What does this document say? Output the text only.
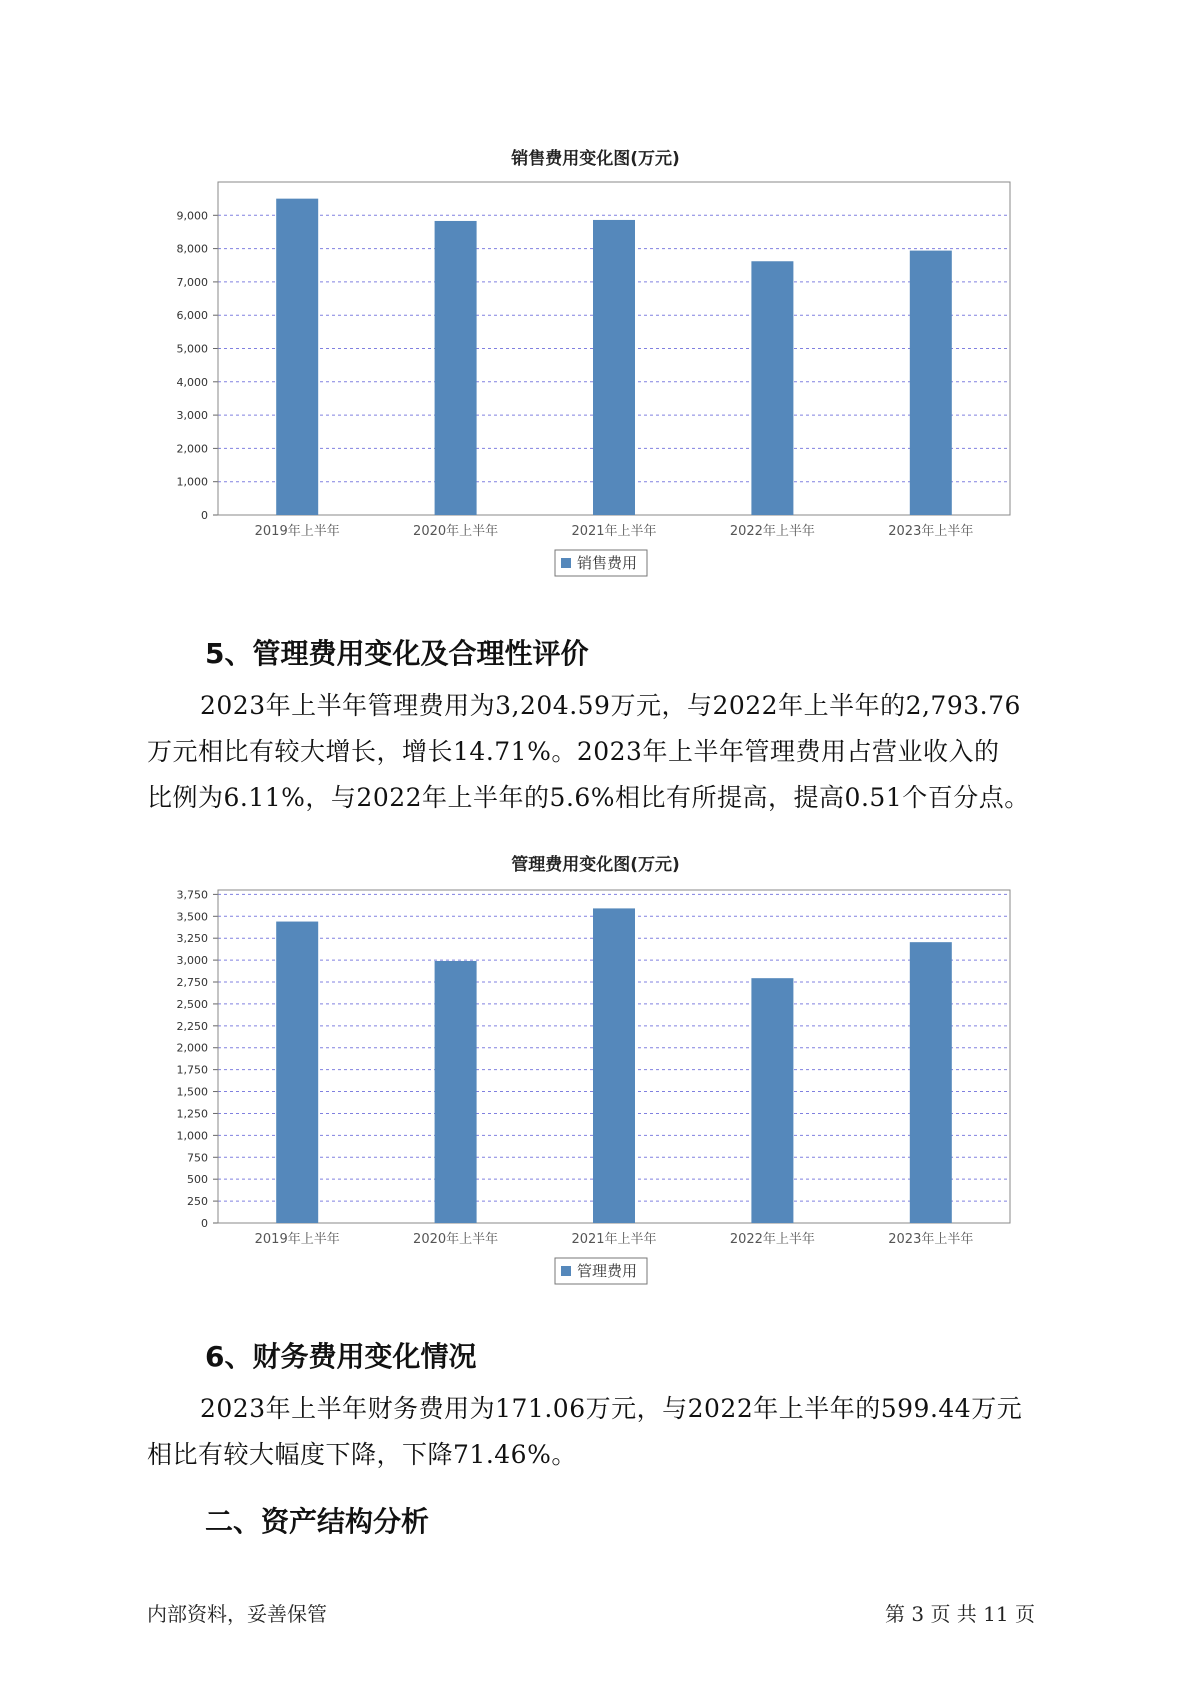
销售费用变化图(万元)
0
1,000
2,000
3,000
4,000
5,000
6,000
7,000
8,000
9,000
2019年上半年	2020年上半年	2021年上半年	2022年上半年	2023年上半年
销售费用
5、管理费用变化及合理性评价

2023年上半年管理费用为3,204.59万元，与2022年上半年的2,793.76

万元相比有较大增长，增长14.71%。2023年上半年管理费用占营业收入的

比例为6.11%，与2022年上半年的5.6%相比有所提高，提高0.51个百分点。

管理费用变化图(万元)
0
250
500
750
1,000
1,250
1,500
1,750
2,000
2,250
2,500
2,750
3,000
3,250
3,500
3,750
2019年上半年	2020年上半年	2021年上半年	2022年上半年	2023年上半年
管理费用
6、财务费用变化情况

2023年上半年财务费用为171.06万元，与2022年上半年的599.44万元

相比有较大幅度下降，下降71.46%。

二、资产结构分析
内部资料，妥善保管	第 3 页 共 11 页
